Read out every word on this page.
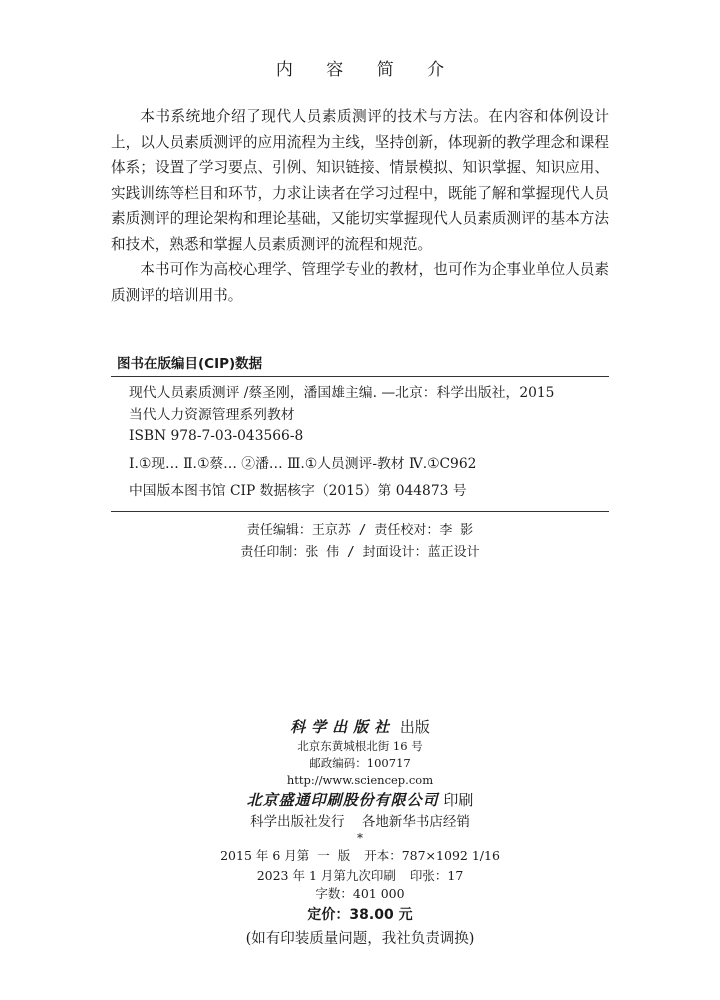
内 容 简 介

本书系统地介绍了现代人员素质测评的技术与方法。在内容和体例设计上，以人员素质测评的应用流程为主线，坚持创新，体现新的教学理念和课程体系；设置了学习要点、引例、知识链接、情景模拟、知识掌握、知识应用、实践训练等栏目和环节，力求让读者在学习过程中，既能了解和掌握现代人员素质测评的理论架构和理论基础，又能切实掌握现代人员素质测评的基本方法和技术，熟悉和掌握人员素质测评的流程和规范。

本书可作为高校心理学、管理学专业的教材，也可作为企事业单位人员素质测评的培训用书。

图书在版编目(CIP)数据
现代人员素质测评 /蔡圣刚，潘国雄主编. —北京：科学出版社，2015
当代人力资源管理系列教材
ISBN 978-7-03-043566-8
Ⅰ.①现… Ⅱ.①蔡… ②潘… Ⅲ.①人员测评-教材 Ⅳ.①C962
中国版本图书馆 CIP 数据核字（2015）第 044873 号
责任编辑：王京苏 / 责任校对：李 影
责任印制：张 伟 / 封面设计：蓝正设计
科学出版社 出版
北京东黄城根北街 16 号
邮政编码：100717
http://www.sciencep.com
北京盛通印刷股份有限公司 印刷
科学出版社发行    各地新华书店经销
*
2015 年 6 月第  一  版 开本：787×1092 1/16
2023 年 1 月第九次印刷 印张：17
字数：401 000
定价：38.00 元
(如有印装质量问题，我社负责调换)
